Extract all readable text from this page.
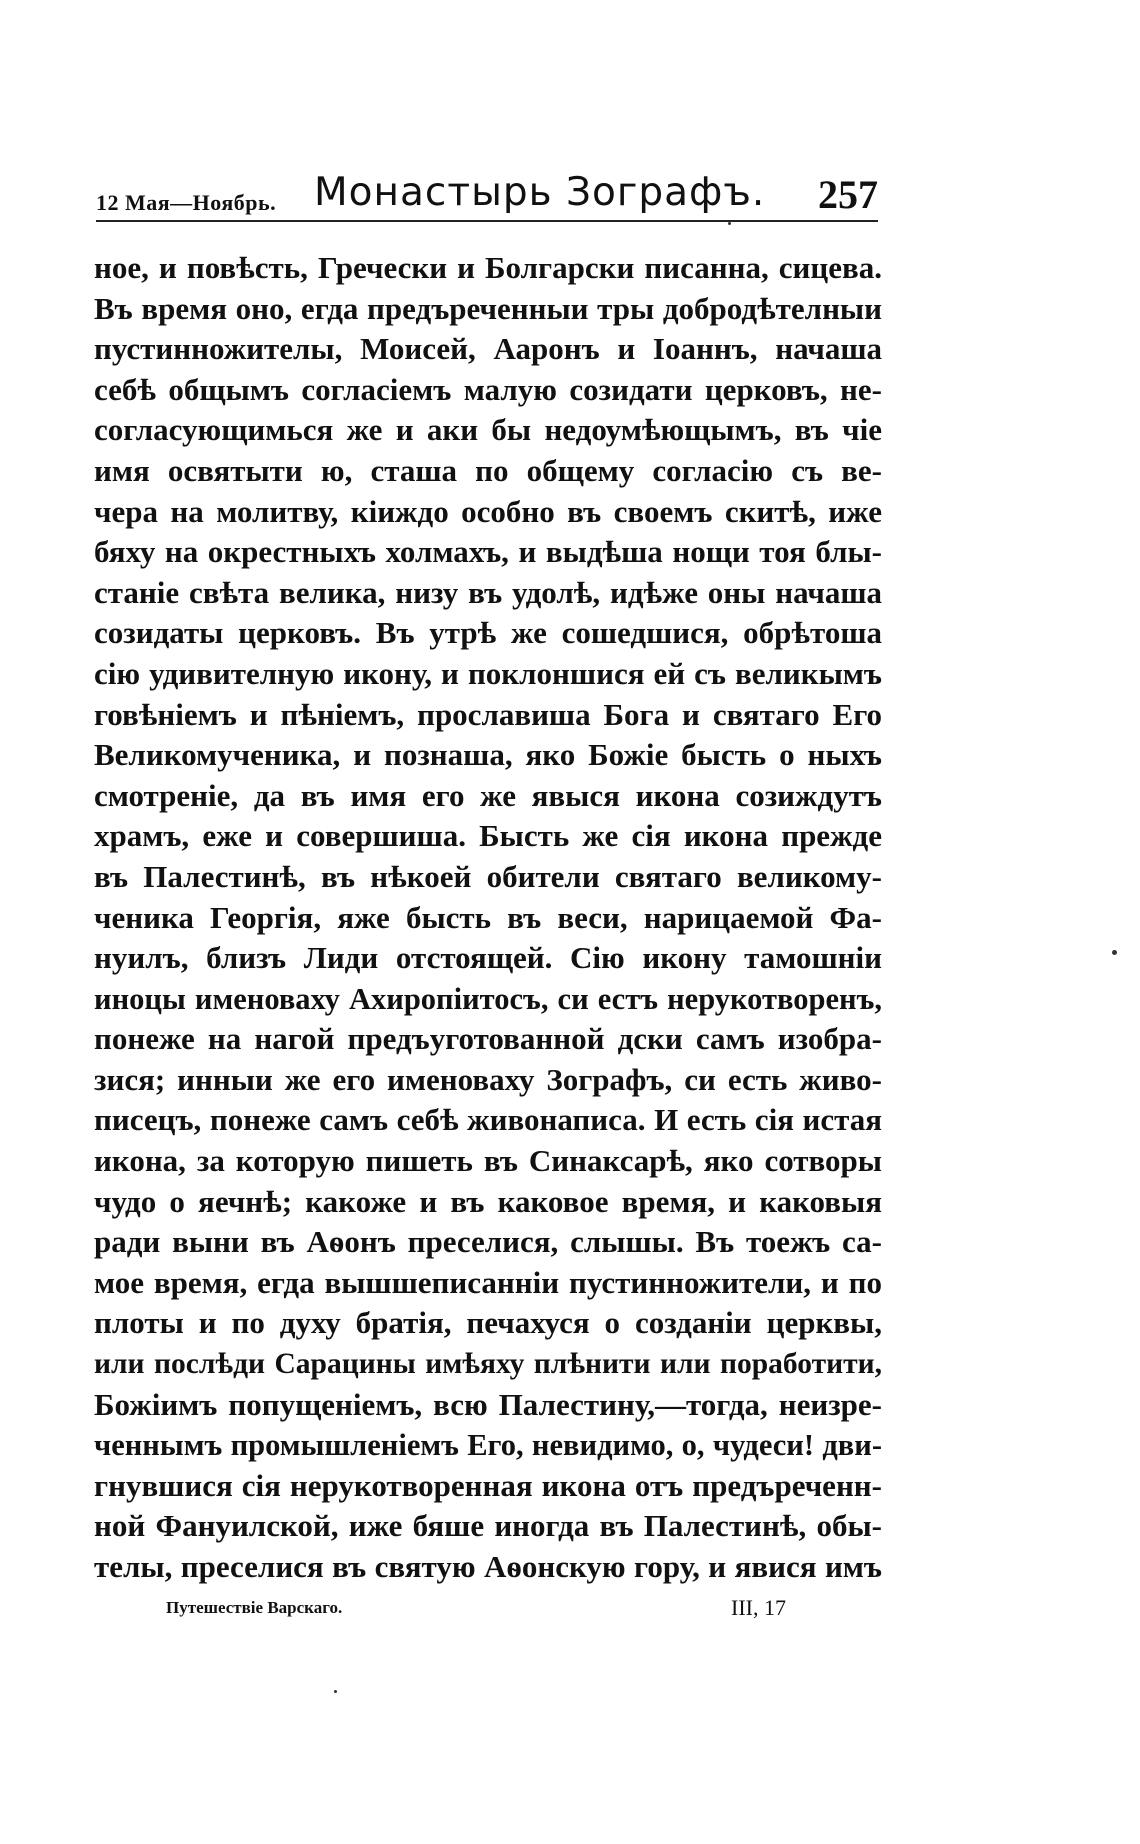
12 Мая—Ноябрь. Монастырь Зографъ. 257
ное, и повѣсть, Гречески и Болгарски писанна, сицева.
Въ время оно, егда предъреченныи тры добродѣтелныи
пустинножителы, Моисей, Ааронъ и Іоаннъ, начаша
себѣ общымъ согласіемъ малую созидати церковъ, не-
согласующимься же и аки бы недоумѣющымъ, въ чіе
имя освятыти ю, сташа по общему согласію съ ве-
чера на молитву, кіиждо особно въ своемъ скитѣ, иже
бяху на окрестныхъ холмахъ, и выдѣша нощи тоя блы-
станіе свѣта велика, низу въ удолѣ, идѣже оны начаша
созидаты церковъ. Въ утрѣ же сошедшися, обрѣтоша
сію удивителную икону, и поклоншися ей съ великымъ
говѣніемъ и пѣніемъ, прославиша Бога и святаго Его
Великомученика, и познаша, яко Божіе бысть о ныхъ
смотреніе, да въ имя его же явыся икона созиждутъ
храмъ, еже и совершиша. Бысть же сія икона прежде
въ Палестинѣ, въ нѣкоей обители святаго великому-
ченика Георгія, яже бысть въ веси, нарицаемой Фа-
нуилъ, близъ Лиди отстоящей. Сію икону тамошніи
иноцы именоваху Ахиропіитосъ, си естъ нерукотворенъ,
понеже на нагой предъуготованной дски самъ изобра-
зися; инныи же его именоваху Зографъ, си есть живо-
писецъ, понеже самъ себѣ живонаписа. И есть сія истая
икона, за которую пишеть въ Синаксарѣ, яко сотворы
чудо о яечнѣ; какоже и въ каковое время, и каковыя
ради выни въ Аѳонъ преселися, слышы. Въ тоежъ са-
мое время, егда вышшеписанніи пустинножители, и по
плоты и по духу братія, печахуся о созданіи церквы,
или послѣди Сарацины имѣяху плѣнити или поработити,
Божіимъ попущеніемъ, всю Палестину,—тогда, неизре-
ченнымъ промышленіемъ Его, невидимо, о, чудеси! дви-
гнувшися сія нерукотворенная икона отъ предъреченн-
ной Фануилской, иже бяше иногда въ Палестинѣ, обы-
телы, преселися въ святую Аѳонскую гору, и явися имъ
Путешествіе Варскаго.	III, 17
